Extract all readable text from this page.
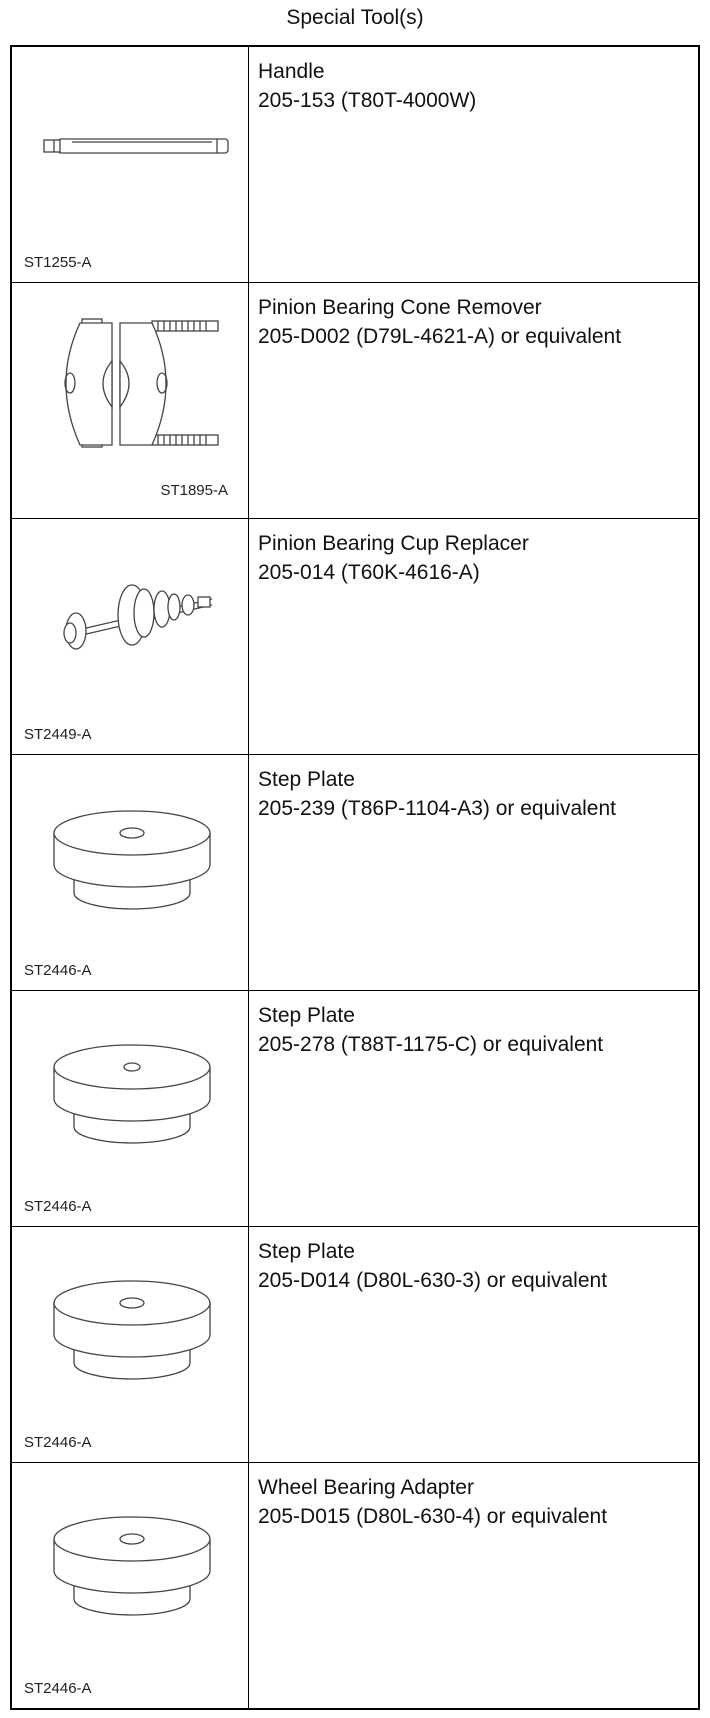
Special Tool(s)
ST1255-A
Handle
205-153 (T80T-4000W)
ST1895-A
Pinion Bearing Cone Remover
205-D002 (D79L-4621-A) or equivalent
ST2449-A
Pinion Bearing Cup Replacer
205-014 (T60K-4616-A)
ST2446-A
Step Plate
205-239 (T86P-1104-A3) or equivalent
ST2446-A
Step Plate
205-278 (T88T-1175-C) or equivalent
ST2446-A
Step Plate
205-D014 (D80L-630-3) or equivalent
ST2446-A
Wheel Bearing Adapter
205-D015 (D80L-630-4) or equivalent
